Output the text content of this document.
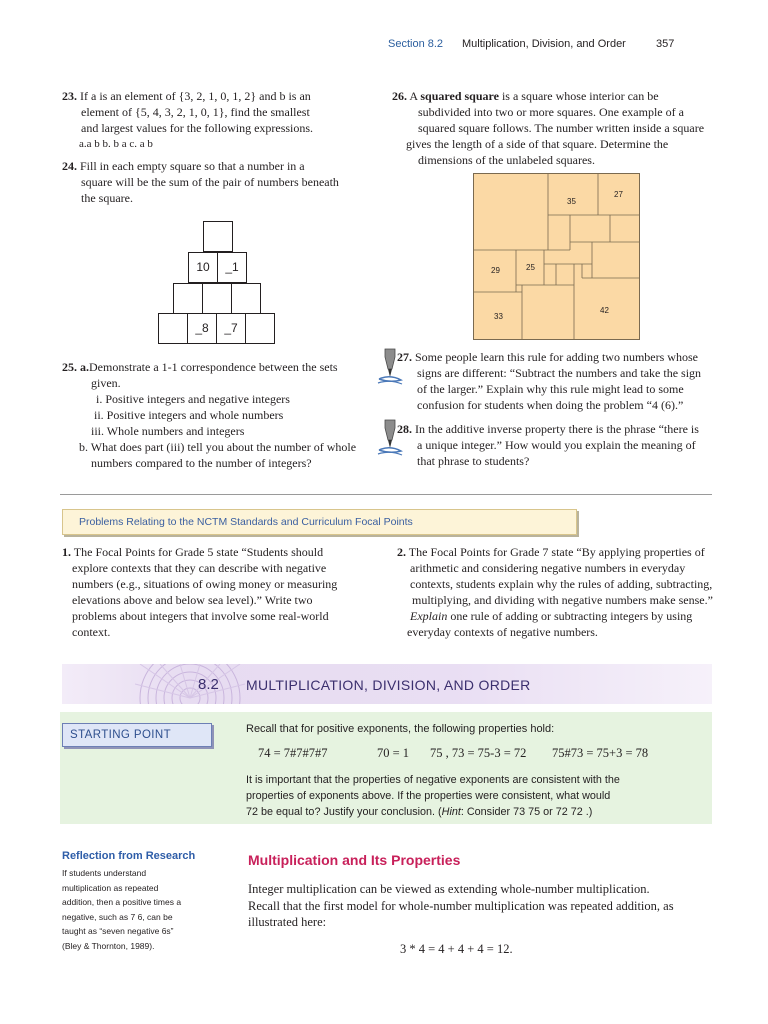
Section 8.2 Multiplication, Division, and Order	357
23. If a is an element of {3, 2, 1, 0, 1, 2} and b is an
element of {5, 4, 3, 2, 1, 0, 1}, find the smallest
and largest values for the following expressions.
a.a b b. b a c. a b
24. Fill in each empty square so that a number in a
square will be the sum of the pair of numbers beneath
the square.
10	_1
_8	_7
25. a.Demonstrate a 1-1 correspondence between the sets
given.
i. Positive integers and negative integers
ii. Positive integers and whole numbers
iii. Whole numbers and integers
b. What does part (iii) tell you about the number of whole
numbers compared to the number of integers?
26. A squared square is a square whose interior can be
subdivided into two or more squares. One example of a
squared square follows. The number written inside a square
gives the length of a side of that square. Determine the
dimensions of the unlabeled squares.
35
27
29	25
33
42
27. Some people learn this rule for adding two numbers whose
signs are different: “Subtract the numbers and take the sign
of the larger.” Explain why this rule might lead to some
confusion for students when doing the problem “4 (6).”
28. In the additive inverse property there is the phrase “there is
a unique integer.” How would you explain the meaning of
that phrase to students?
Problems Relating to the NCTM Standards and Curriculum Focal Points
1. The Focal Points for Grade 5 state “Students should
explore contexts that they can describe with negative
numbers (e.g., situations of owing money or measuring
elevations above and below sea level).” Write two
problems about integers that involve some real-world
context.
2. The Focal Points for Grade 7 state “By applying properties of
arithmetic and considering negative numbers in everyday
contexts, students explain why the rules of adding, subtracting,
multiplying, and dividing with negative numbers make sense.”
Explain one rule of adding or subtracting integers by using
everyday contexts of negative numbers.
8.2 MULTIPLICATION, DIVISION, AND ORDER
STARTING POINT	Recall that for positive exponents, the following properties hold:
74 = 7#7#7#7	70 = 1 75 , 73 = 75-3 = 72 75#73 = 75+3 = 78
It is important that the properties of negative exponents are consistent with the
properties of exponents above. If the properties were consistent, what would
72 be equal to? Justify your conclusion. (Hint: Consider 73 75 or 72 72 .)
Reflection from Research
If students understand
multiplication as repeated
addition, then a positive times a
negative, such as 7 6, can be
taught as “seven negative 6s”
(Bley & Thornton, 1989).
Multiplication and Its Properties
Integer multiplication can be viewed as extending whole-number multiplication.
Recall that the first model for whole-number multiplication was repeated addition, as
illustrated here:
3 * 4 = 4 + 4 + 4 = 12.
